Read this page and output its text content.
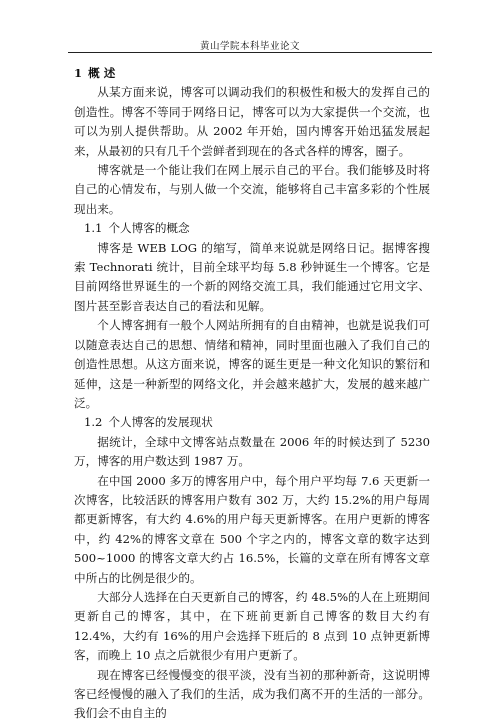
黄山学院本科毕业论文
1 概 述

从某方面来说，博客可以调动我们的积极性和极大的发挥自己的创造性。博客不等同于网络日记，博客可以为大家提供一个交流，也可以为别人提供帮助。从 2002 年开始，国内博客开始迅猛发展起来，从最初的只有几千个尝鲜者到现在的各式各样的博客，圈子。

博客就是一个能让我们在网上展示自己的平台。我们能够及时将自己的心情发布，与别人做一个交流，能够将自己丰富多彩的个性展现出来。

1.1 个人博客的概念

博客是 WEB LOG 的缩写，简单来说就是网络日记。据博客搜索 Technorati 统计，目前全球平均每 5.8 秒钟诞生一个博客。它是目前网络世界诞生的一个新的网络交流工具，我们能通过它用文字、图片甚至影音表达自己的看法和见解。

个人博客拥有一般个人网站所拥有的自由精神，也就是说我们可以随意表达自己的思想、情绪和精神，同时里面也融入了我们自己的创造性思想。从这方面来说，博客的诞生更是一种文化知识的繁衍和延伸，这是一种新型的网络文化，并会越来越扩大，发展的越来越广泛。

1.2 个人博客的发展现状

据统计，全球中文博客站点数量在 2006 年的时候达到了 5230 万，博客的用户数达到 1987 万。

在中国 2000 多万的博客用户中，每个用户平均每 7.6 天更新一次博客，比较活跃的博客用户数有 302 万，大约 15.2%的用户每周都更新博客，有大约 4.6%的用户每天更新博客。在用户更新的博客中，约 42%的博客文章在 500 个字之内的，博客文章的数字达到 500~1000 的博客文章大约占 16.5%，长篇的文章在所有博客文章中所占的比例是很少的。

大部分人选择在白天更新自己的博客，约 48.5%的人在上班期间更新自己的博客，其中，在下班前更新自己博客的数目大约有 12.4%，大约有 16%的用户会选择下班后的 8 点到 10 点钟更新博客，而晚上 10 点之后就很少有用户更新了。

现在博客已经慢慢变的很平淡，没有当初的那种新奇，这说明博客已经慢慢的融入了我们的生活，成为我们离不开的生活的一部分。我们会不由自主的
